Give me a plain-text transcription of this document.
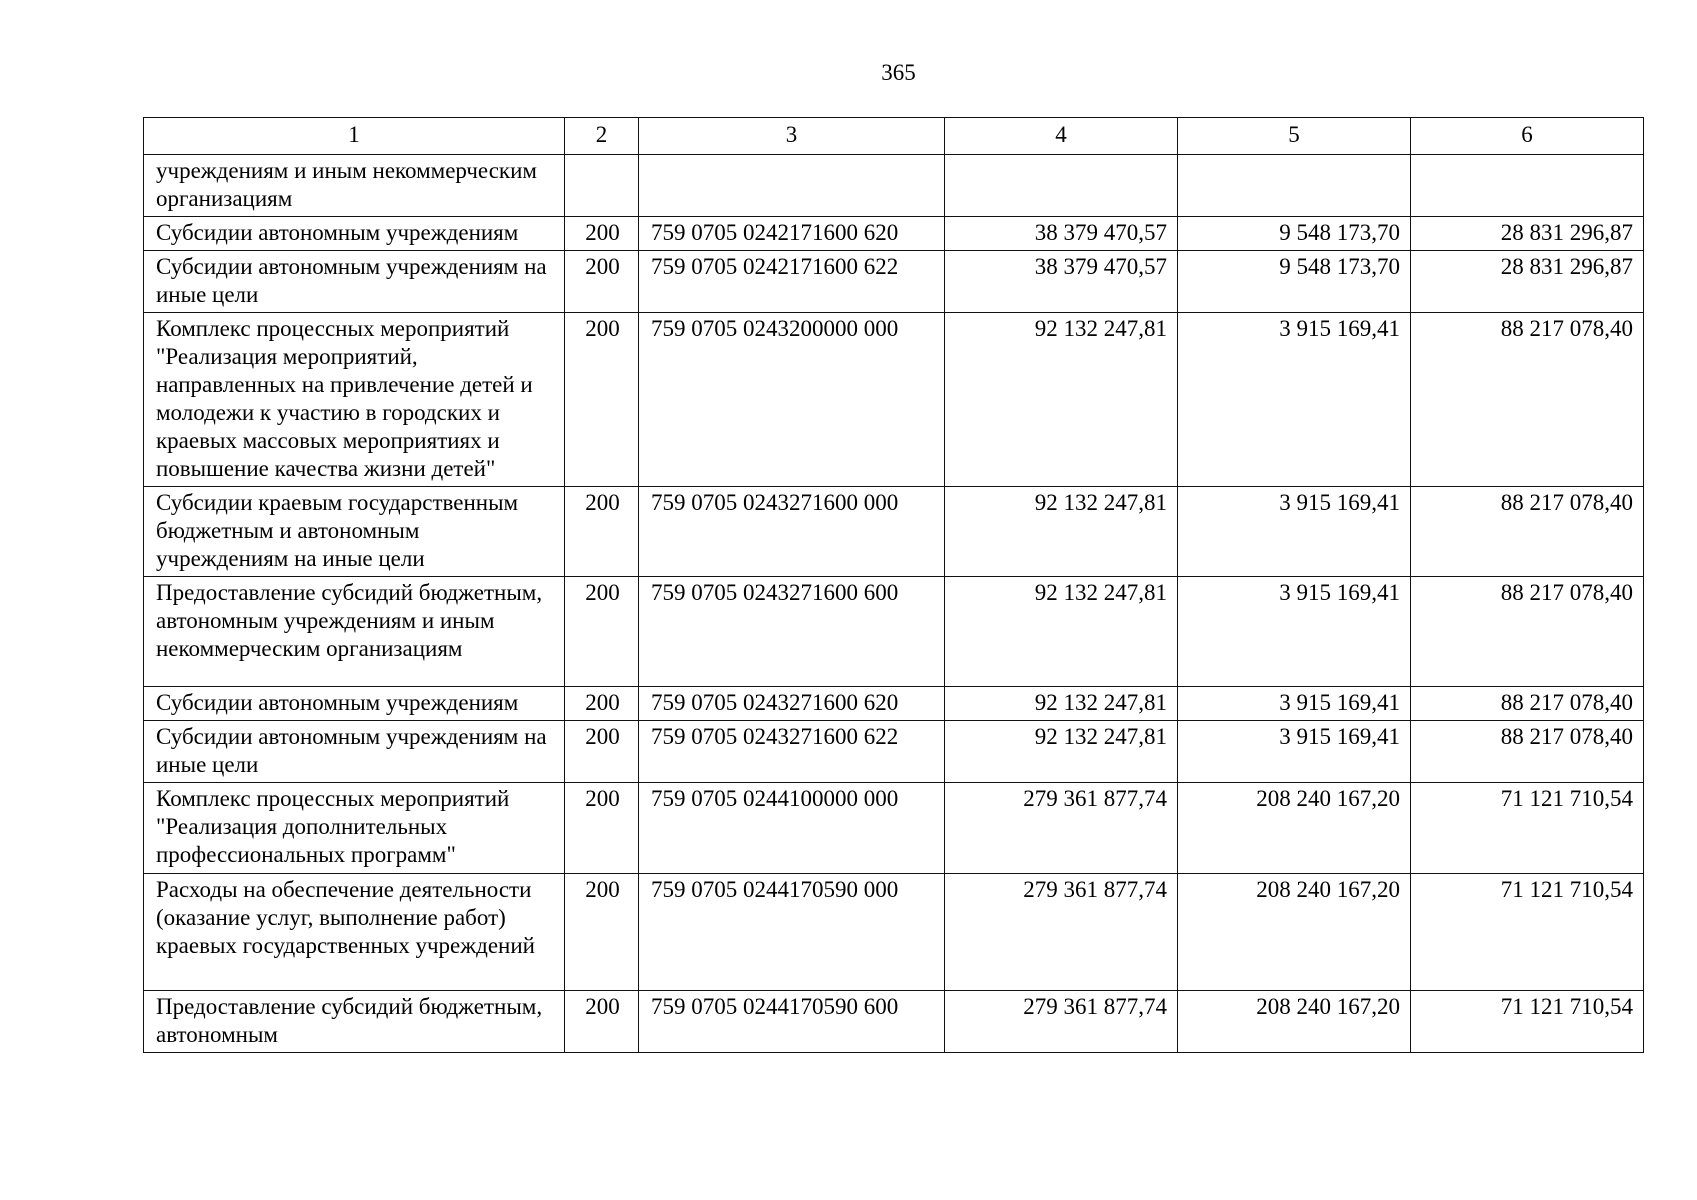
365
1	2	3	4	5	6
учреждениям и иным некоммерческим организациям					
Субсидии автономным учреждениям	200	759 0705 0242171600 620	38 379 470,57	9 548 173,70	28 831 296,87
Субсидии автономным учреждениям на иные цели	200	759 0705 0242171600 622	38 379 470,57	9 548 173,70	28 831 296,87
Комплекс процессных мероприятий "Реализация мероприятий, направленных на привлечение детей и молодежи к участию в городских и краевых массовых мероприятиях и повышение качества жизни детей"	200	759 0705 0243200000 000	92 132 247,81	3 915 169,41	88 217 078,40
Субсидии краевым государственным бюджетным и автономным учреждениям на иные цели	200	759 0705 0243271600 000	92 132 247,81	3 915 169,41	88 217 078,40
Предоставление субсидий бюджетным, автономным учреждениям и иным некоммерческим организациям	200	759 0705 0243271600 600	92 132 247,81	3 915 169,41	88 217 078,40
Субсидии автономным учреждениям	200	759 0705 0243271600 620	92 132 247,81	3 915 169,41	88 217 078,40
Субсидии автономным учреждениям на иные цели	200	759 0705 0243271600 622	92 132 247,81	3 915 169,41	88 217 078,40
Комплекс процессных мероприятий "Реализация дополнительных профессиональных программ"	200	759 0705 0244100000 000	279 361 877,74	208 240 167,20	71 121 710,54
Расходы на обеспечение деятельности (оказание услуг, выполнение работ) краевых государственных учреждений	200	759 0705 0244170590 000	279 361 877,74	208 240 167,20	71 121 710,54
Предоставление субсидий бюджетным, автономным	200	759 0705 0244170590 600	279 361 877,74	208 240 167,20	71 121 710,54
